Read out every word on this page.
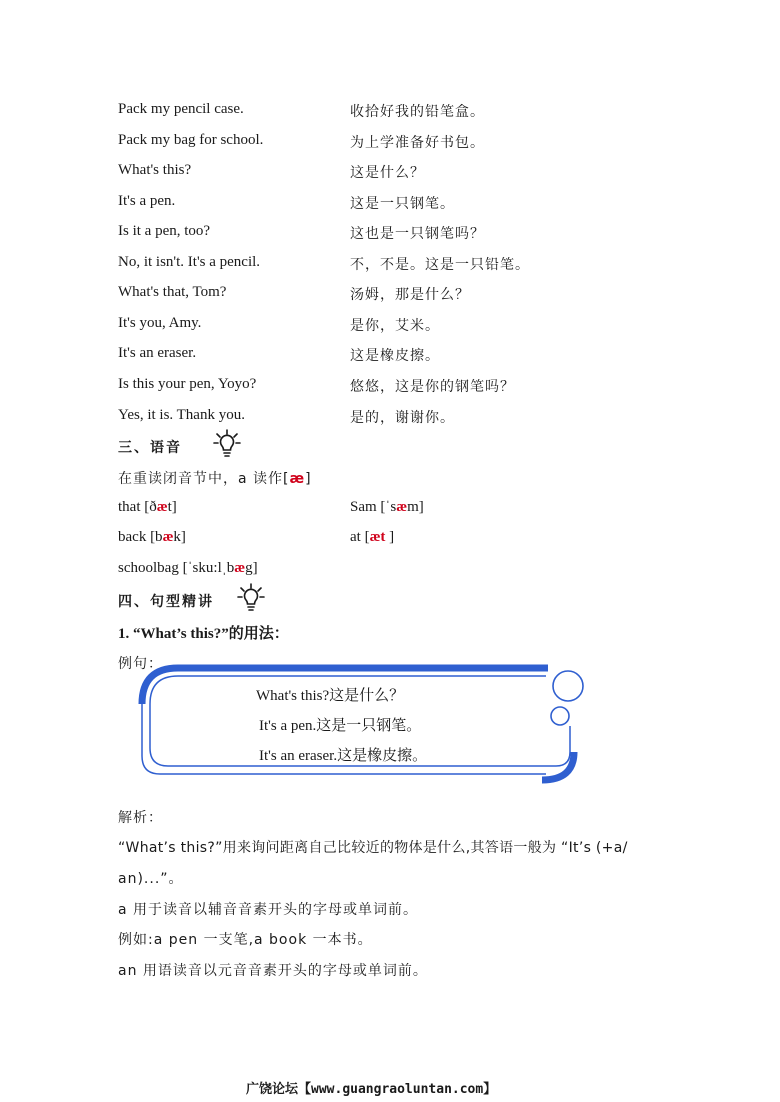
Pack my pencil case.	收拾好我的铅笔盒。
Pack my bag for school.	为上学准备好书包。
What's this?	这是什么？
It's a pen.	这是一只钢笔。
Is it a pen, too?	这也是一只钢笔吗？
No, it isn't. It's a pencil.	不，不是。这是一只铅笔。
What's that, Tom?	汤姆，那是什么？
It's you, Amy.	是你，艾米。
It's an eraser.	这是橡皮擦。
Is this your pen, Yoyo?	悠悠，这是你的钢笔吗？
Yes, it is. Thank you.	是的，谢谢你。
三、语音
在重读闭音节中，a 读作[æ]
that [ðæt]	Sam [ˈsæm]
back [bæk]	at [æt ]
schoolbag [ˈsku:lˌbæg]
四、句型精讲
1. “What’s this?”的用法：
例句：
What's this?这是什么？
It's a pen.这是一只钢笔。
It's an eraser.这是橡皮擦。
解析：
“What’s this?”用来询问距离自己比较近的物体是什么,其答语一般为 “It’s (+a/
an)...”。
a 用于读音以辅音音素开头的字母或单词前。
例如:a pen 一支笔,a book 一本书。
an 用语读音以元音音素开头的字母或单词前。
广饶论坛【www.guangraoluntan.com】
